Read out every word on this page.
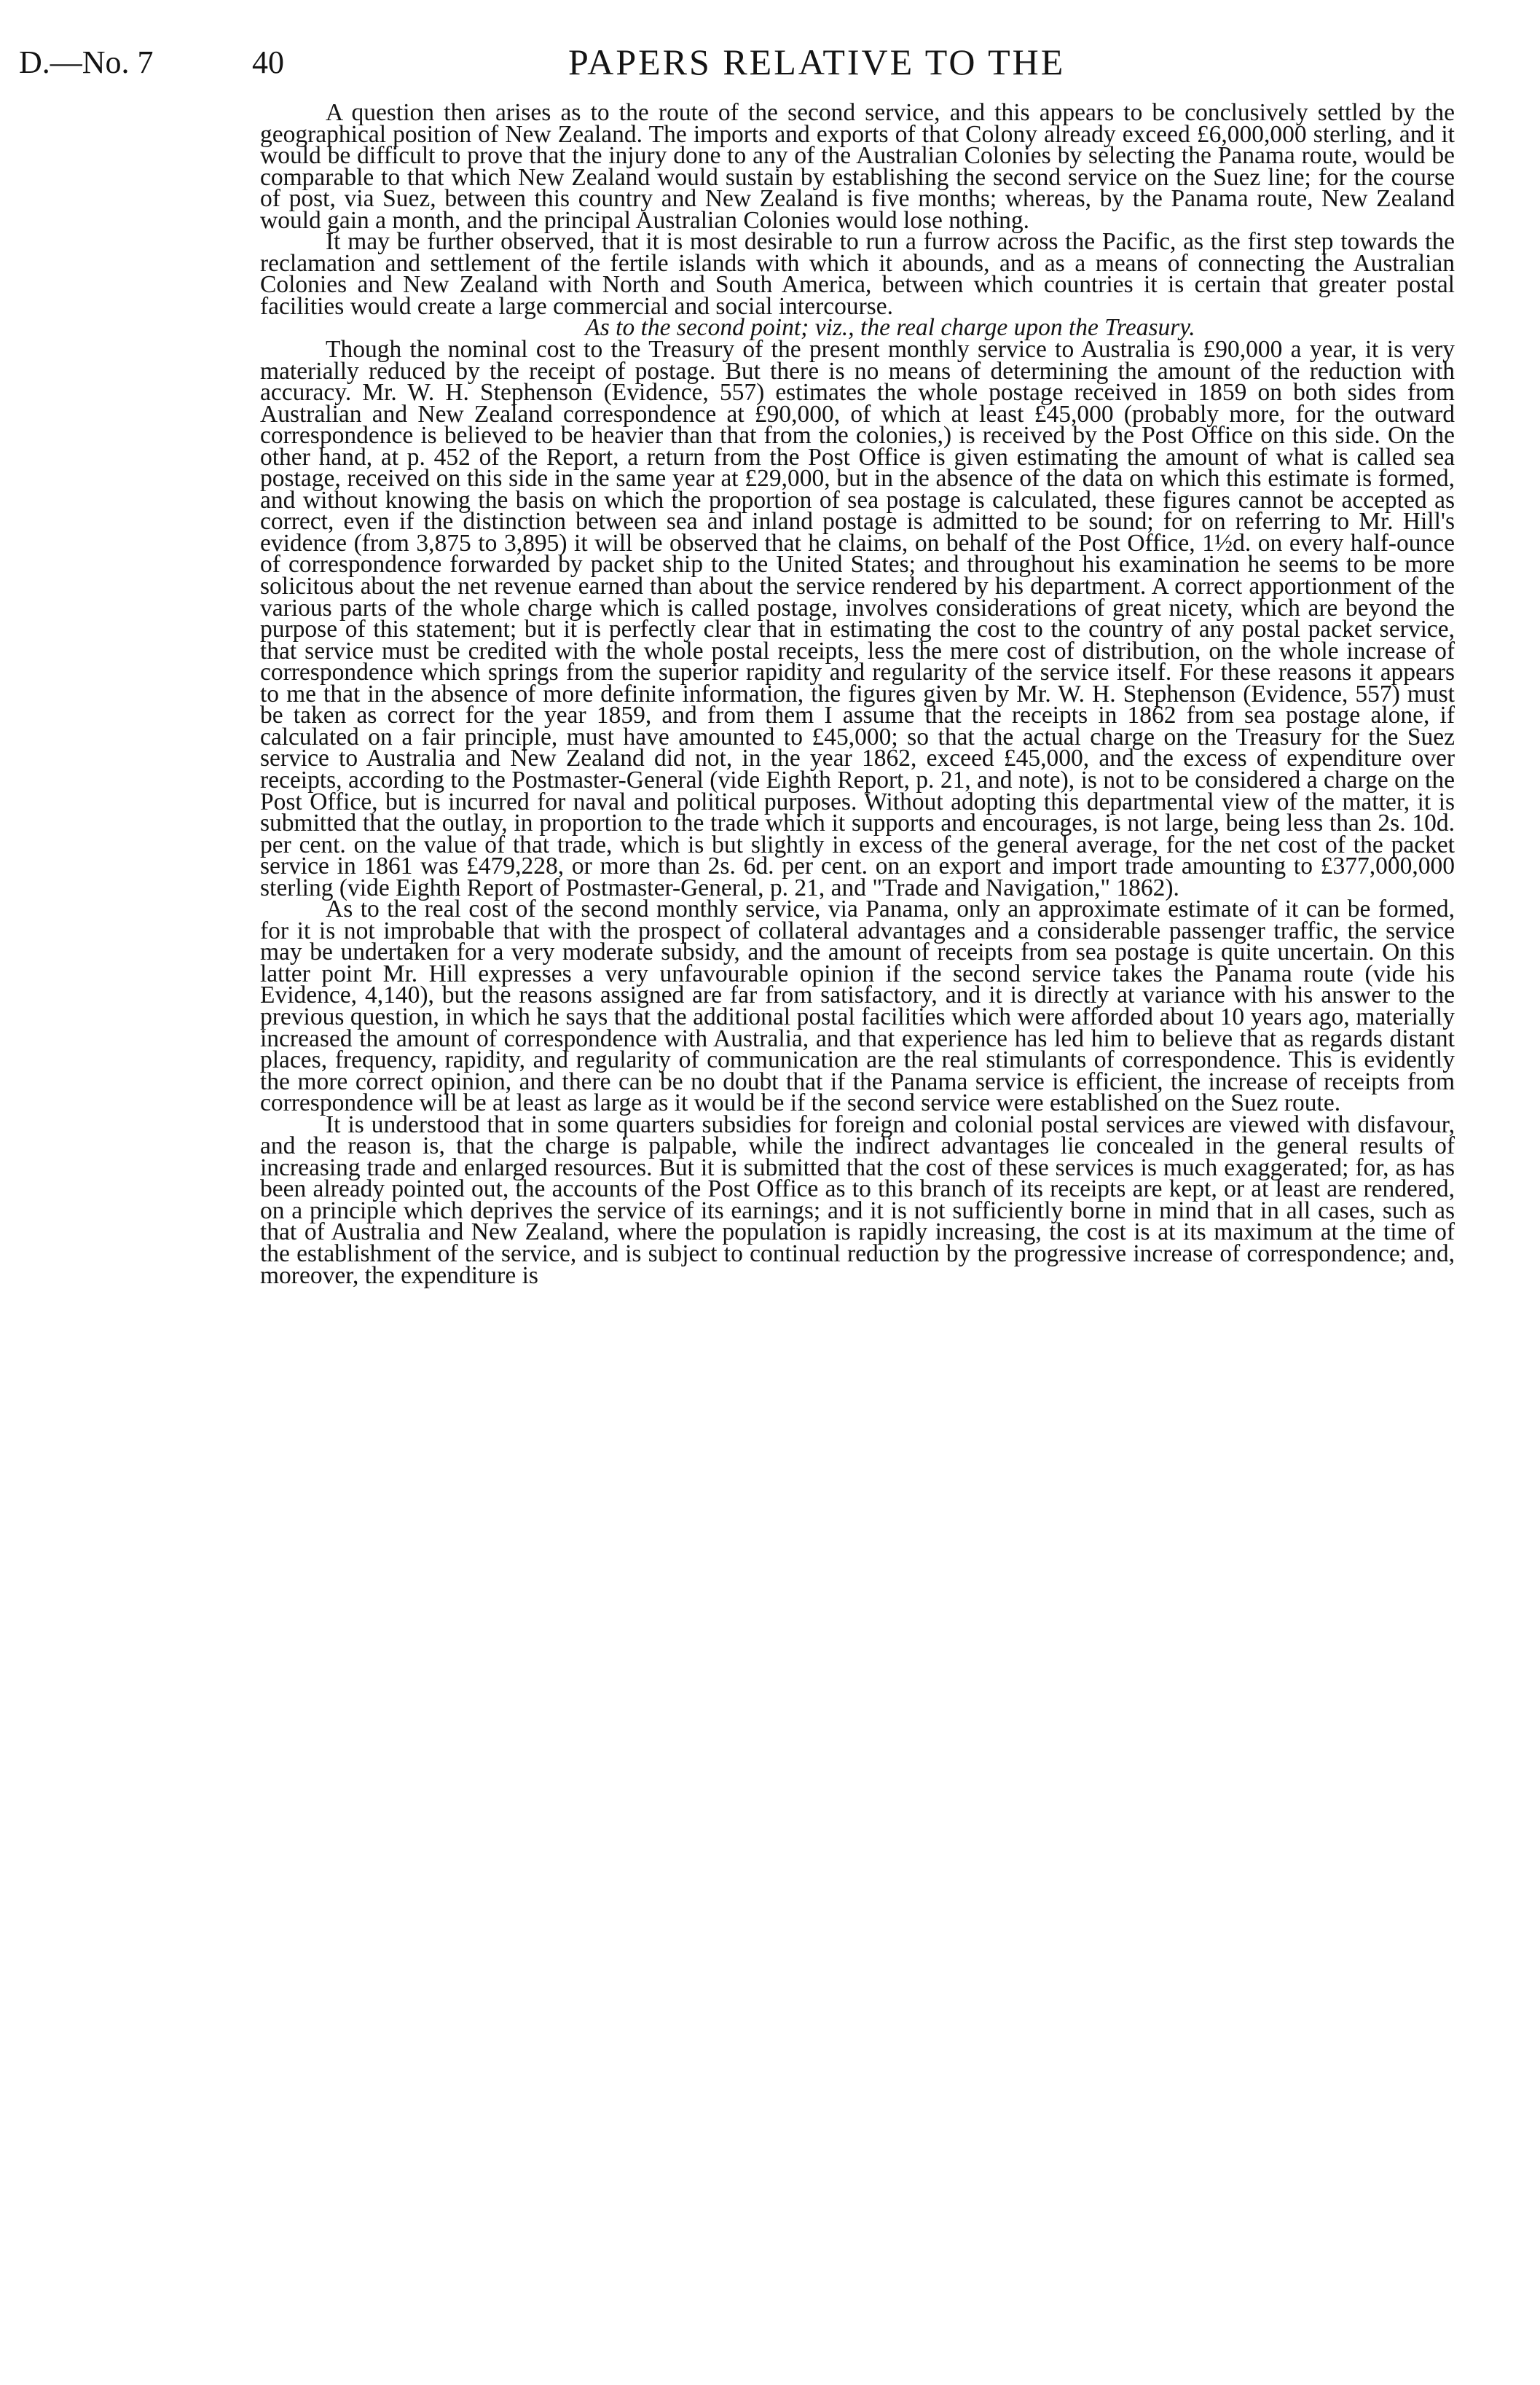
D.—No. 7	40	PAPERS RELATIVE TO THE

A question then arises as to the route of the second service, and this appears to be conclusively settled by the geographical position of New Zealand. The imports and exports of that Colony already exceed £6,000,000 sterling, and it would be difficult to prove that the injury done to any of the Australian Colonies by selecting the Panama route, would be comparable to that which New Zealand would sustain by establishing the second service on the Suez line; for the course of post, via Suez, between this country and New Zealand is five months; whereas, by the Panama route, New Zealand would gain a month, and the principal Australian Colonies would lose nothing.

It may be further observed, that it is most desirable to run a furrow across the Pacific, as the first step towards the reclamation and settlement of the fertile islands with which it abounds, and as a means of connecting the Australian Colonies and New Zealand with North and South America, between which countries it is certain that greater postal facilities would create a large commercial and social intercourse.

As to the second point; viz., the real charge upon the Treasury.

Though the nominal cost to the Treasury of the present monthly service to Australia is £90,000 a year, it is very materially reduced by the receipt of postage. But there is no means of determining the amount of the reduction with accuracy. Mr. W. H. Stephenson (Evidence, 557) estimates the whole postage received in 1859 on both sides from Australian and New Zealand correspondence at £90,000, of which at least £45,000 (probably more, for the outward correspondence is believed to be heavier than that from the colonies,) is received by the Post Office on this side. On the other hand, at p. 452 of the Report, a return from the Post Office is given estimating the amount of what is called sea postage, received on this side in the same year at £29,000, but in the absence of the data on which this estimate is formed, and without knowing the basis on which the proportion of sea postage is calculated, these figures cannot be accepted as correct, even if the distinction between sea and inland postage is admitted to be sound; for on referring to Mr. Hill's evidence (from 3,875 to 3,895) it will be observed that he claims, on behalf of the Post Office, 1½d. on every half-ounce of correspondence forwarded by packet ship to the United States; and throughout his examination he seems to be more solicitous about the net revenue earned than about the service rendered by his department. A correct apportionment of the various parts of the whole charge which is called postage, involves considerations of great nicety, which are beyond the purpose of this statement; but it is perfectly clear that in estimating the cost to the country of any postal packet service, that service must be credited with the whole postal receipts, less the mere cost of distribution, on the whole increase of correspondence which springs from the superior rapidity and regularity of the service itself. For these reasons it appears to me that in the absence of more definite information, the figures given by Mr. W. H. Stephenson (Evidence, 557) must be taken as correct for the year 1859, and from them I assume that the receipts in 1862 from sea postage alone, if calculated on a fair principle, must have amounted to £45,000; so that the actual charge on the Treasury for the Suez service to Australia and New Zealand did not, in the year 1862, exceed £45,000, and the excess of expenditure over receipts, according to the Postmaster-General (vide Eighth Report, p. 21, and note), is not to be considered a charge on the Post Office, but is incurred for naval and political purposes. Without adopting this departmental view of the matter, it is submitted that the outlay, in proportion to the trade which it supports and encourages, is not large, being less than 2s. 10d. per cent. on the value of that trade, which is but slightly in excess of the general average, for the net cost of the packet service in 1861 was £479,228, or more than 2s. 6d. per cent. on an export and import trade amounting to £377,000,000 sterling (vide Eighth Report of Postmaster-General, p. 21, and "Trade and Navigation," 1862).

As to the real cost of the second monthly service, via Panama, only an approximate estimate of it can be formed, for it is not improbable that with the prospect of collateral advantages and a considerable passenger traffic, the service may be undertaken for a very moderate subsidy, and the amount of receipts from sea postage is quite uncertain. On this latter point Mr. Hill expresses a very unfavourable opinion if the second service takes the Panama route (vide his Evidence, 4,140), but the reasons assigned are far from satisfactory, and it is directly at variance with his answer to the previous question, in which he says that the additional postal facilities which were afforded about 10 years ago, materially increased the amount of correspondence with Australia, and that experience has led him to believe that as regards distant places, frequency, rapidity, and regularity of communication are the real stimulants of correspondence. This is evidently the more correct opinion, and there can be no doubt that if the Panama service is efficient, the increase of receipts from correspondence will be at least as large as it would be if the second service were established on the Suez route.

It is understood that in some quarters subsidies for foreign and colonial postal services are viewed with disfavour, and the reason is, that the charge is palpable, while the indirect advantages lie concealed in the general results of increasing trade and enlarged resources. But it is submitted that the cost of these services is much exaggerated; for, as has been already pointed out, the accounts of the Post Office as to this branch of its receipts are kept, or at least are rendered, on a principle which deprives the service of its earnings; and it is not sufficiently borne in mind that in all cases, such as that of Australia and New Zealand, where the population is rapidly increasing, the cost is at its maximum at the time of the establishment of the service, and is subject to continual reduction by the progressive increase of correspondence; and, moreover, the expenditure is
